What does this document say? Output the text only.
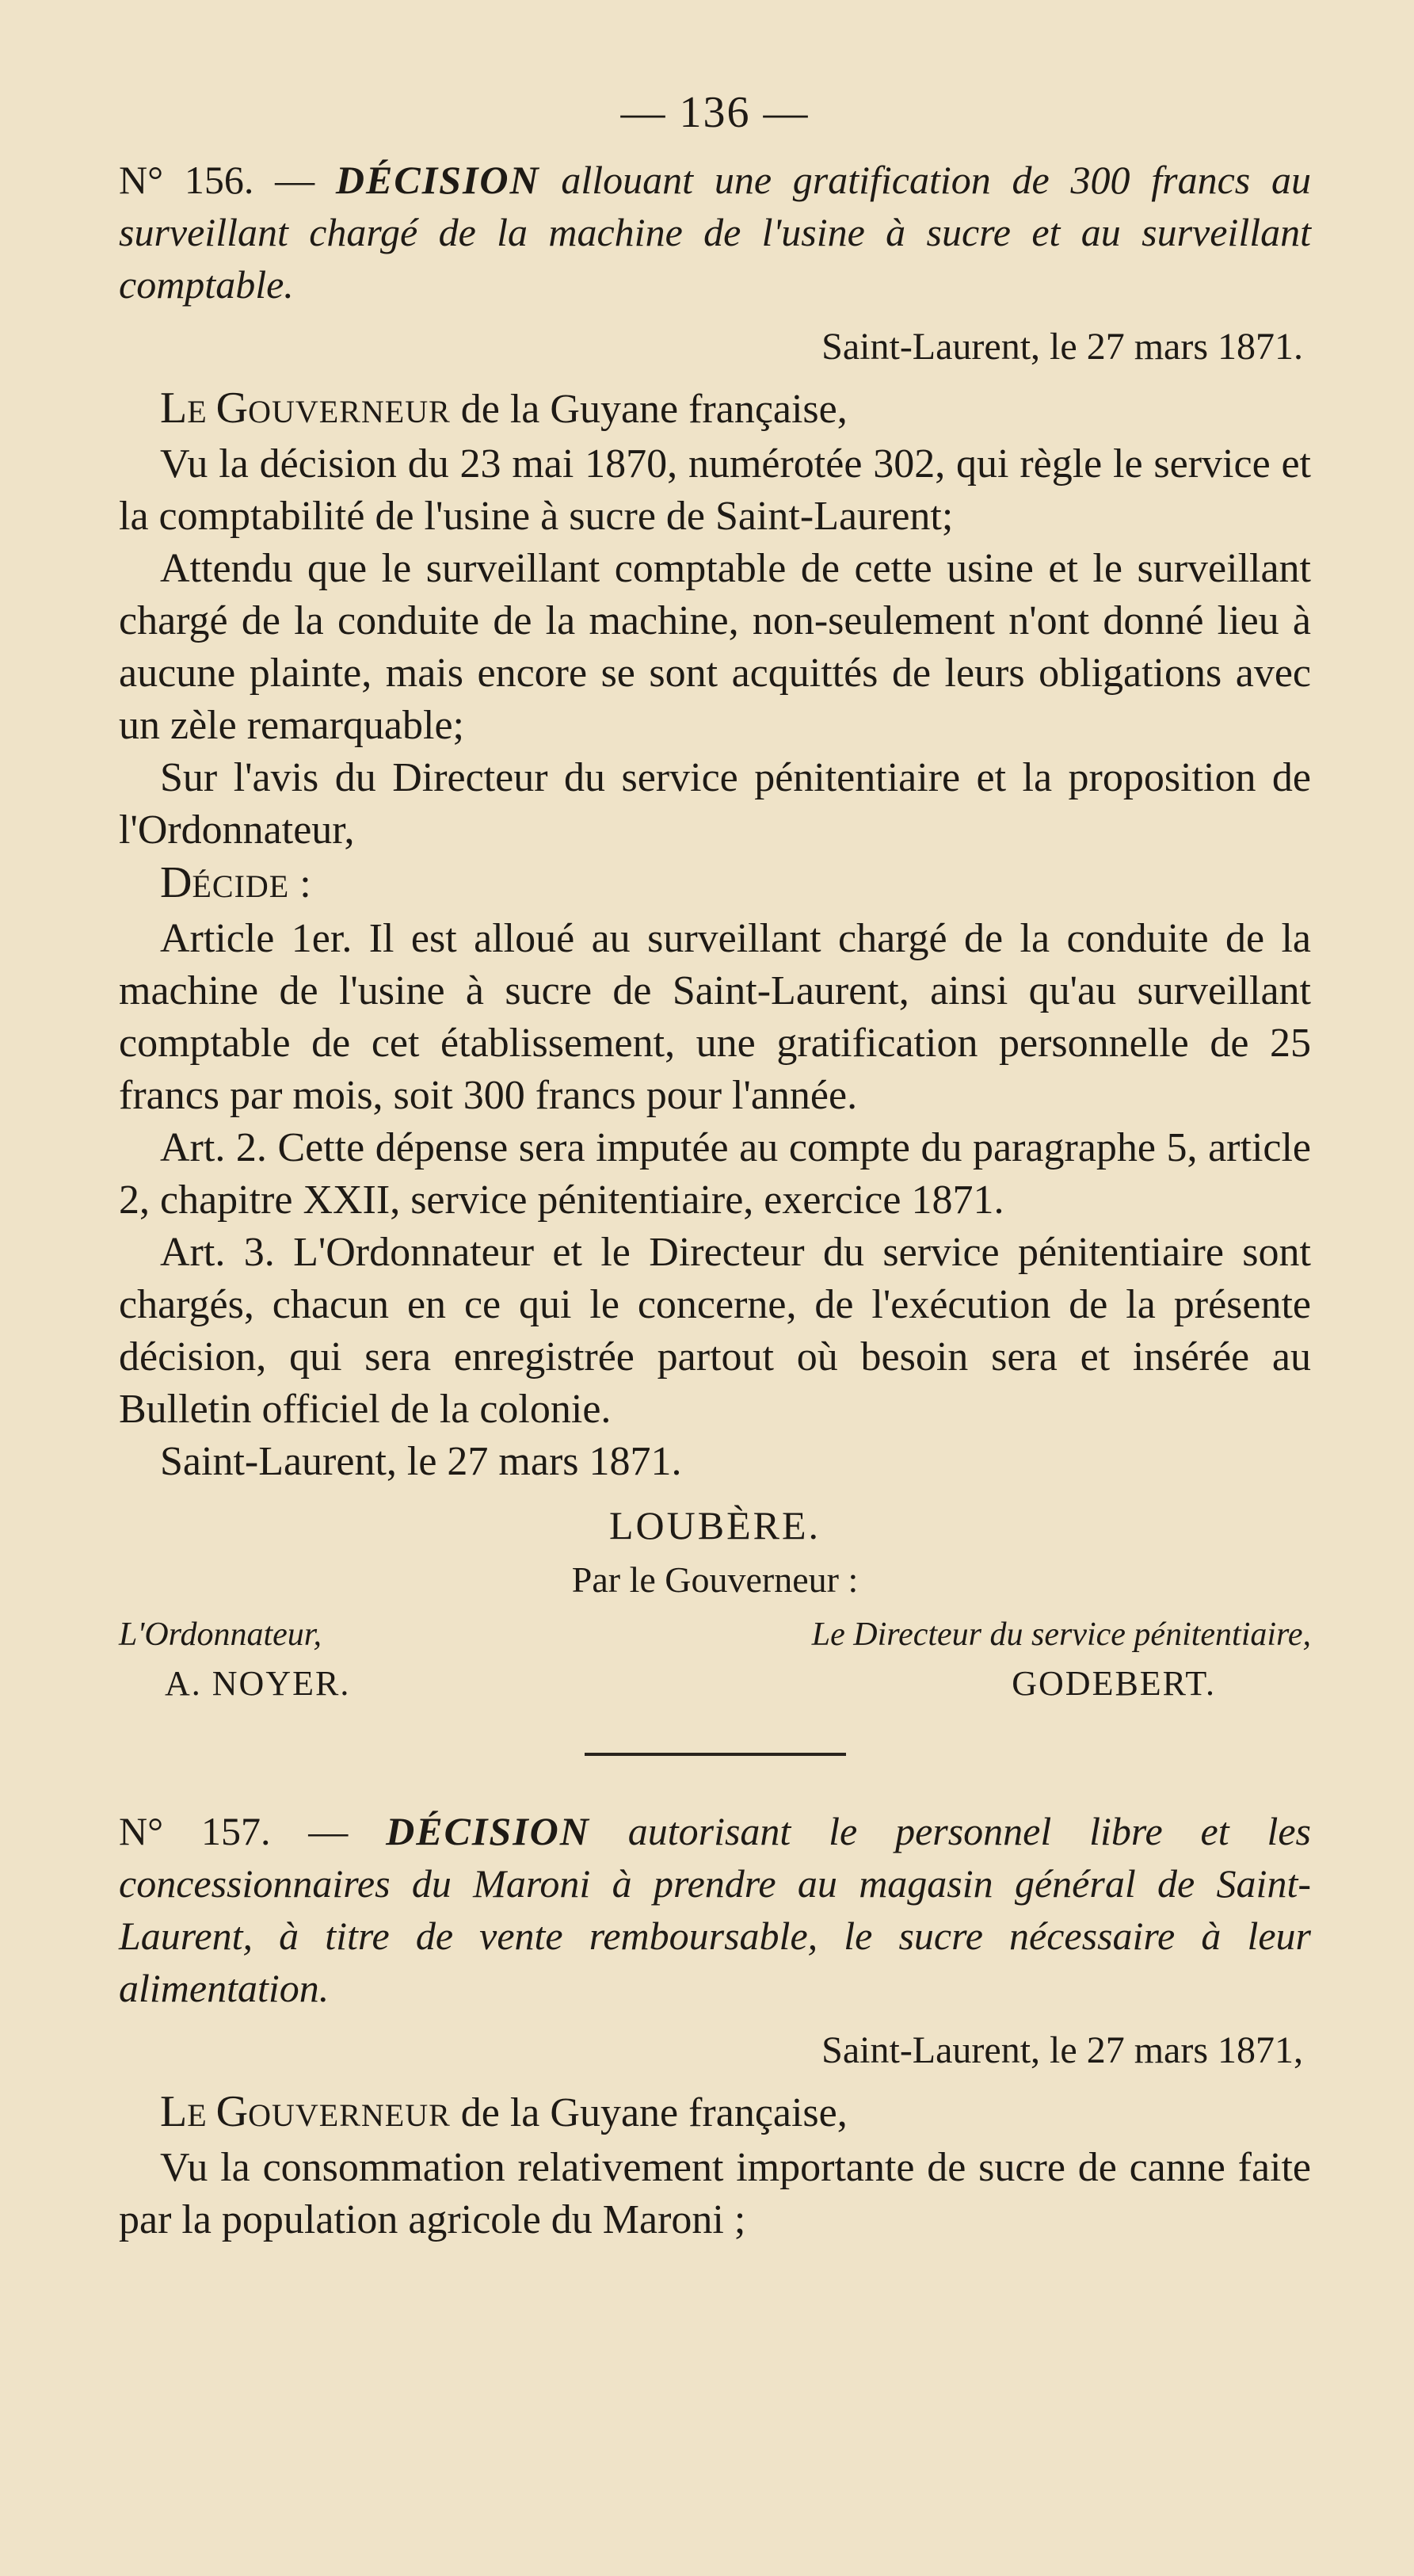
— 136 —

N° 156. — DÉCISION allouant une gratification de 300 francs au surveillant chargé de la machine de l'usine à sucre et au surveillant comptable.

Saint-Laurent, le 27 mars 1871.

LE GOUVERNEUR de la Guyane française,

Vu la décision du 23 mai 1870, numérotée 302, qui règle le service et la comptabilité de l'usine à sucre de Saint-Laurent;

Attendu que le surveillant comptable de cette usine et le surveillant chargé de la conduite de la machine, non-seulement n'ont donné lieu à aucune plainte, mais encore se sont acquittés de leurs obligations avec un zèle remarquable;

Sur l'avis du Directeur du service pénitentiaire et la proposition de l'Ordonnateur,

DÉCIDE :

Article 1er. Il est alloué au surveillant chargé de la conduite de la machine de l'usine à sucre de Saint-Laurent, ainsi qu'au surveillant comptable de cet établissement, une gratification personnelle de 25 francs par mois, soit 300 francs pour l'année.

Art. 2. Cette dépense sera imputée au compte du paragraphe 5, article 2, chapitre XXII, service pénitentiaire, exercice 1871.

Art. 3. L'Ordonnateur et le Directeur du service pénitentiaire sont chargés, chacun en ce qui le concerne, de l'exécution de la présente décision, qui sera enregistrée partout où besoin sera et insérée au Bulletin officiel de la colonie.

Saint-Laurent, le 27 mars 1871.

LOUBÈRE.
Par le Gouverneur :
L'Ordonnateur,	Le Directeur du service pénitentiaire,
A. NOYER.	GODEBERT.

N° 157. — DÉCISION autorisant le personnel libre et les concessionnaires du Maroni à prendre au magasin général de Saint-Laurent, à titre de vente remboursable, le sucre nécessaire à leur alimentation.

Saint-Laurent, le 27 mars 1871,

LE GOUVERNEUR de la Guyane française,

Vu la consommation relativement importante de sucre de canne faite par la population agricole du Maroni ;
